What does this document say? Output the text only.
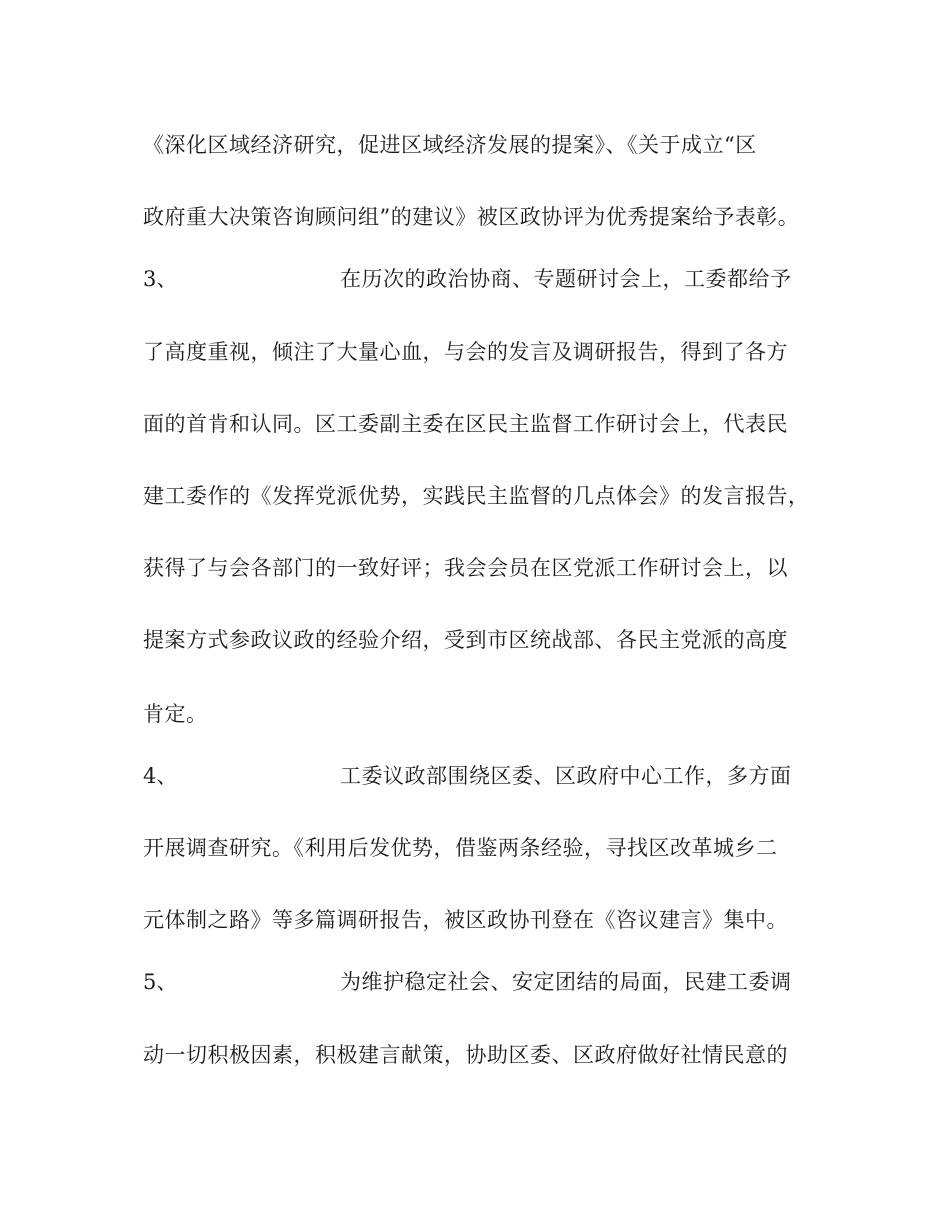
《深化区域经济研究，促进区域经济发展的提案》、《关于成立“区
政府重大决策咨询顾问组”的建议》被区政协评为优秀提案给予表彰。
3、	在历次的政治协商、专题研讨会上，工委都给予
了高度重视，倾注了大量心血，与会的发言及调研报告，得到了各方
面的首肯和认同。区工委副主委在区民主监督工作研讨会上，代表民
建工委作的《发挥党派优势，实践民主监督的几点体会》的发言报告，
获得了与会各部门的一致好评；我会会员在区党派工作研讨会上，以
提案方式参政议政的经验介绍，受到市区统战部、各民主党派的高度
肯定。
4、	工委议政部围绕区委、区政府中心工作，多方面
开展调查研究。《利用后发优势，借鉴两条经验，寻找区改革城乡二
元体制之路》等多篇调研报告，被区政协刊登在《咨议建言》集中。
5、	为维护稳定社会、安定团结的局面，民建工委调
动一切积极因素，积极建言献策，协助区委、区政府做好社情民意的
